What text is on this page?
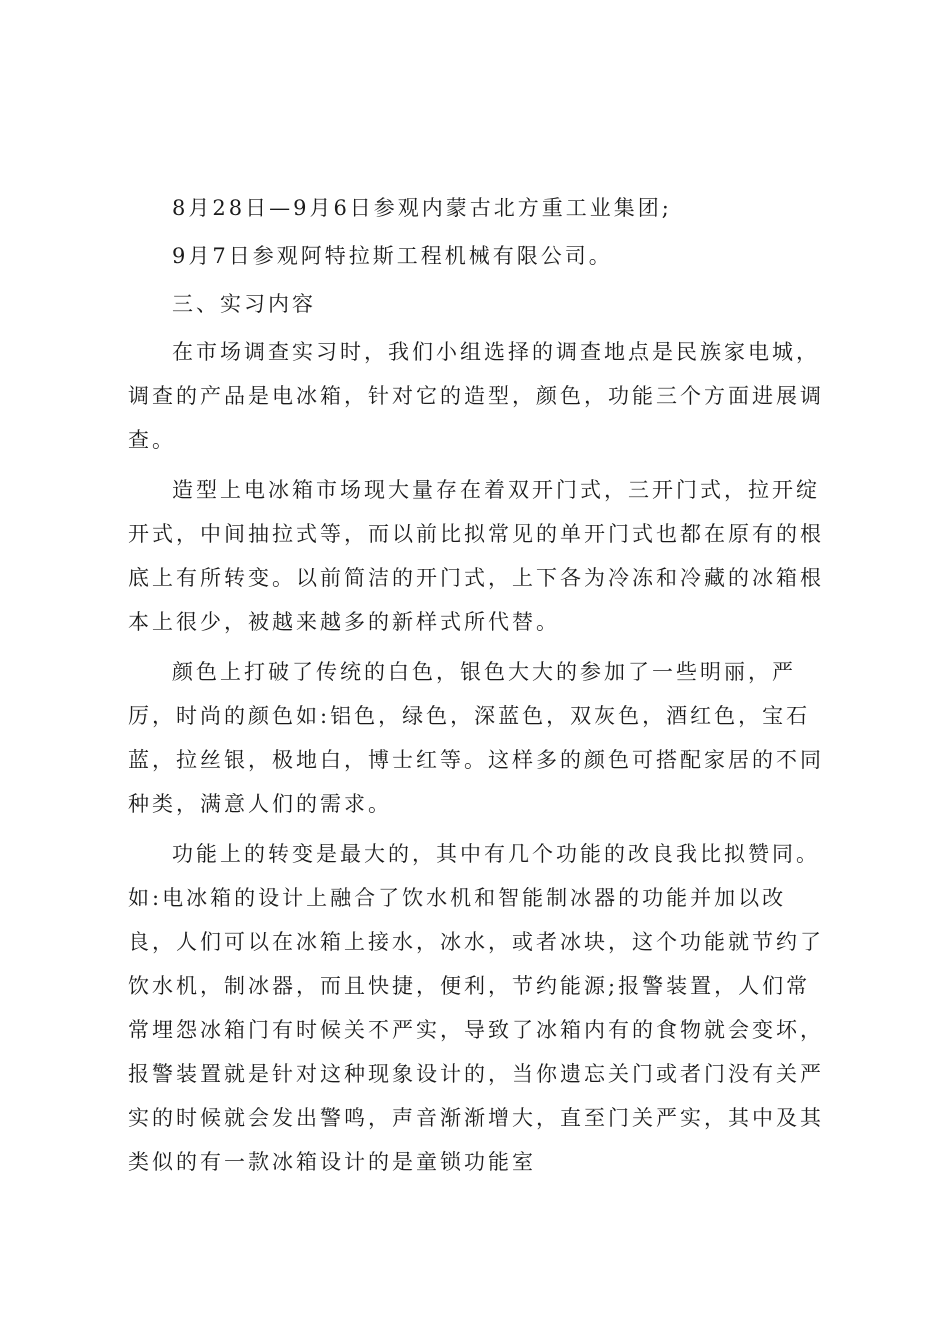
8月28日—9月6日参观内蒙古北方重工业集团;

9月7日参观阿特拉斯工程机械有限公司。

三、实习内容

在市场调查实习时，我们小组选择的调查地点是民族家电城，调查的产品是电冰箱，针对它的造型，颜色，功能三个方面进展调查。

造型上电冰箱市场现大量存在着双开门式，三开门式，拉开绽开式，中间抽拉式等，而以前比拟常见的单开门式也都在原有的根底上有所转变。以前简洁的开门式，上下各为冷冻和冷藏的冰箱根本上很少，被越来越多的新样式所代替。

颜色上打破了传统的白色，银色大大的参加了一些明丽，严厉，时尚的颜色如:铝色，绿色，深蓝色，双灰色，酒红色，宝石蓝，拉丝银，极地白，博士红等。这样多的颜色可搭配家居的不同种类，满意人们的需求。

功能上的转变是最大的，其中有几个功能的改良我比拟赞同。如:电冰箱的设计上融合了饮水机和智能制冰器的功能并加以改良，人们可以在冰箱上接水，冰水，或者冰块，这个功能就节约了饮水机，制冰器，而且快捷，便利，节约能源;报警装置，人们常常埋怨冰箱门有时候关不严实，导致了冰箱内有的食物就会变坏，报警装置就是针对这种现象设计的，当你遗忘关门或者门没有关严实的时候就会发出警鸣，声音渐渐增大，直至门关严实，其中及其类似的有一款冰箱设计的是童锁功能室
